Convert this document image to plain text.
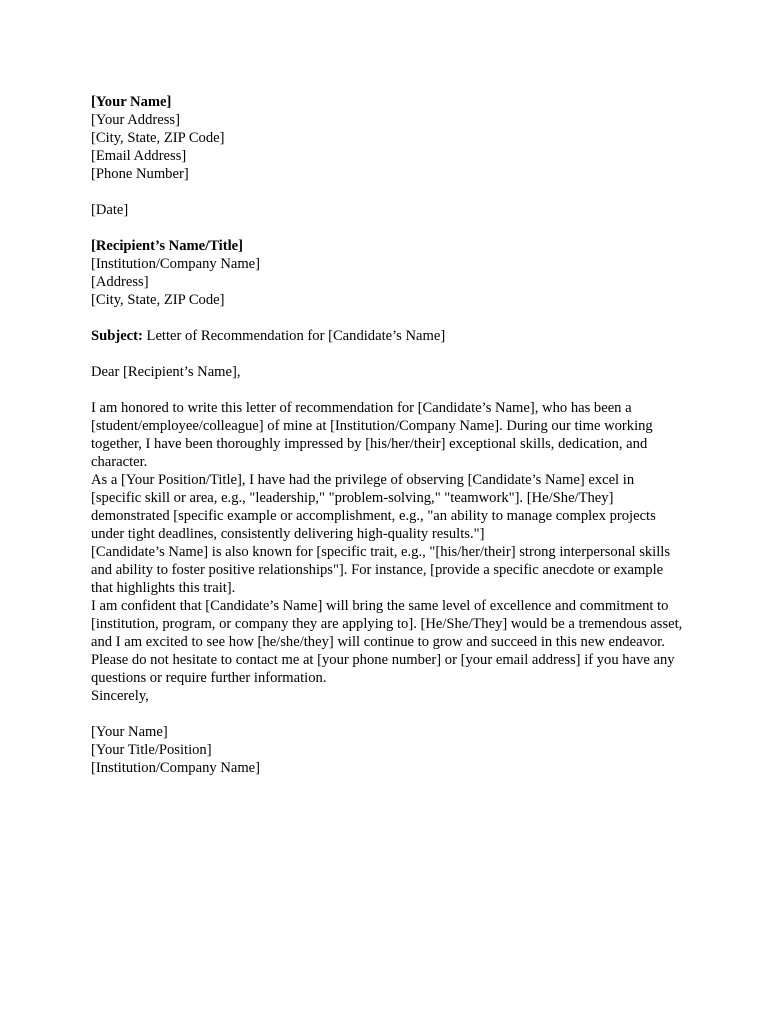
[Your Name]
[Your Address]
[City, State, ZIP Code]
[Email Address]
[Phone Number]
[Date]
[Recipient’s Name/Title]
[Institution/Company Name]
[Address]
[City, State, ZIP Code]
Subject: Letter of Recommendation for [Candidate’s Name]
Dear [Recipient’s Name],

I am honored to write this letter of recommendation for [Candidate’s Name], who has been a [student/employee/colleague] of mine at [Institution/Company Name]. During our time working together, I have been thoroughly impressed by [his/her/their] exceptional skills, dedication, and character.

As a [Your Position/Title], I have had the privilege of observing [Candidate’s Name] excel in [specific skill or area, e.g., "leadership," "problem-solving," "teamwork"]. [He/She/They] demonstrated [specific example or accomplishment, e.g., "an ability to manage complex projects under tight deadlines, consistently delivering high-quality results."]

[Candidate’s Name] is also known for [specific trait, e.g., "[his/her/their] strong interpersonal skills and ability to foster positive relationships"]. For instance, [provide a specific anecdote or example that highlights this trait].

I am confident that [Candidate’s Name] will bring the same level of excellence and commitment to [institution, program, or company they are applying to]. [He/She/They] would be a tremendous asset, and I am excited to see how [he/she/they] will continue to grow and succeed in this new endeavor.

Please do not hesitate to contact me at [your phone number] or [your email address] if you have any questions or require further information.

Sincerely,
[Your Name]
[Your Title/Position]
[Institution/Company Name]
